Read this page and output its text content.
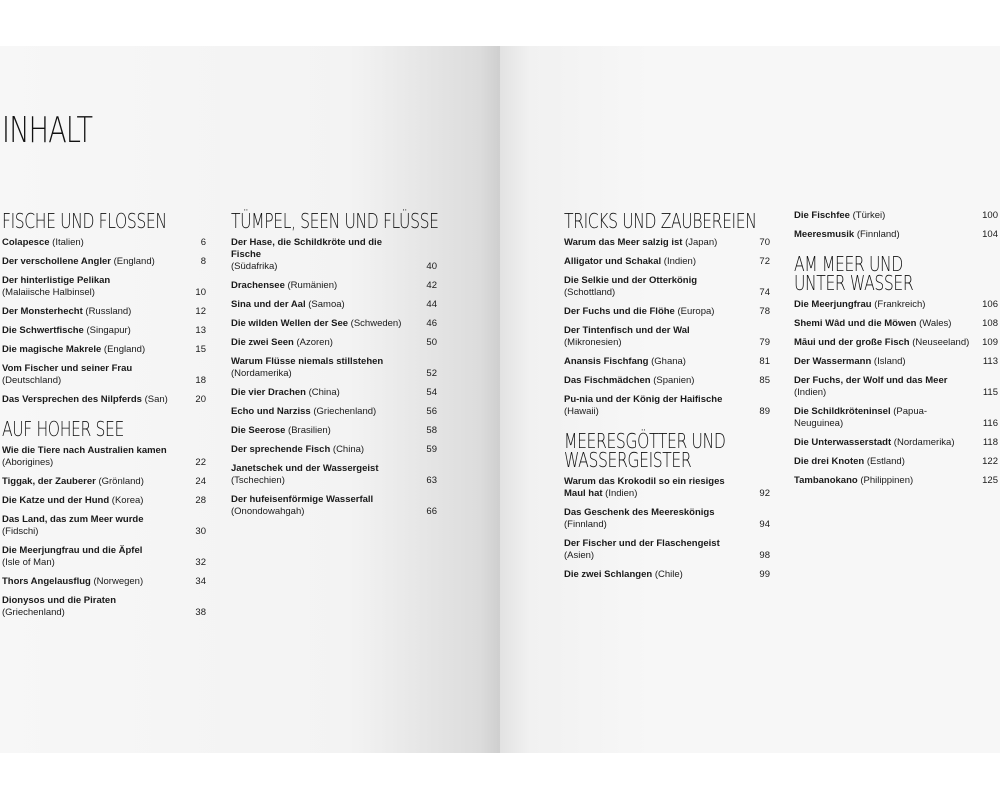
INHALT
FISCHE UND FLOSSEN
Colapesce (Italien)	6
Der verschollene Angler (England)	8
Der hinterlistige Pelikan
(Malaiische Halbinsel)	10
Der Monsterhecht (Russland)	12
Die Schwertfische (Singapur)	13
Die magische Makrele (England)	15
Vom Fischer und seiner Frau
(Deutschland)	18
Das Versprechen des Nilpferds (San)	20
AUF HOHER SEE
Wie die Tiere nach Australien kamen
(Aborigines)	22
Tiggak, der Zauberer (Grönland)	24
Die Katze und der Hund (Korea)	28
Das Land, das zum Meer wurde (Fidschi)	30
Die Meerjungfrau und die Äpfel
(Isle of Man)	32
Thors Angelausflug (Norwegen)	34
Dionysos und die Piraten (Griechenland)	38
TÜMPEL, SEEN UND FLÜSSE
Der Hase, die Schildkröte und die Fische
(Südafrika)	40
Drachensee (Rumänien)	42
Sina und der Aal (Samoa)	44
Die wilden Wellen der See (Schweden)	46
Die zwei Seen (Azoren)	50
Warum Flüsse niemals stillstehen
(Nordamerika)	52
Die vier Drachen (China)	54
Echo und Narziss (Griechenland)	56
Die Seerose (Brasilien)	58
Der sprechende Fisch (China)	59
Janetschek und der Wassergeist
(Tschechien)	63
Der hufeisenförmige Wasserfall
(Onondowahgah)	66
TRICKS UND ZAUBEREIEN
Warum das Meer salzig ist (Japan)	70
Alligator und Schakal (Indien)	72
Die Selkie und der Otterkönig
(Schottland)	74
Der Fuchs und die Flöhe (Europa)	78
Der Tintenfisch und der Wal (Mikronesien)	79
Anansis Fischfang (Ghana)	81
Das Fischmädchen (Spanien)	85
Pu-nia und der König der Haifische
(Hawaii)	89
MEERESGÖTTER UND
WASSERGEISTER
Warum das Krokodil so ein riesiges Maul hat (Indien)	92
Das Geschenk des Meereskönigs
(Finnland)	94
Der Fischer und der Flaschengeist (Asien)	98
Die zwei Schlangen (Chile)	99
Die Fischfee (Türkei)	100
Meeresmusik (Finnland)	104
AM MEER UND
UNTER WASSER
Die Meerjungfrau (Frankreich)	106
Shemi Wâd und die Möwen (Wales)	108
Māui und der große Fisch (Neuseeland) 109
Der Wassermann (Island)	113
Der Fuchs, der Wolf und das Meer
(Indien)	115
Die Schildkröteninsel (Papua-Neuguinea)	116
Die Unterwasserstadt (Nordamerika)	118
Die drei Knoten (Estland)	122
Tambanokano (Philippinen)	125
